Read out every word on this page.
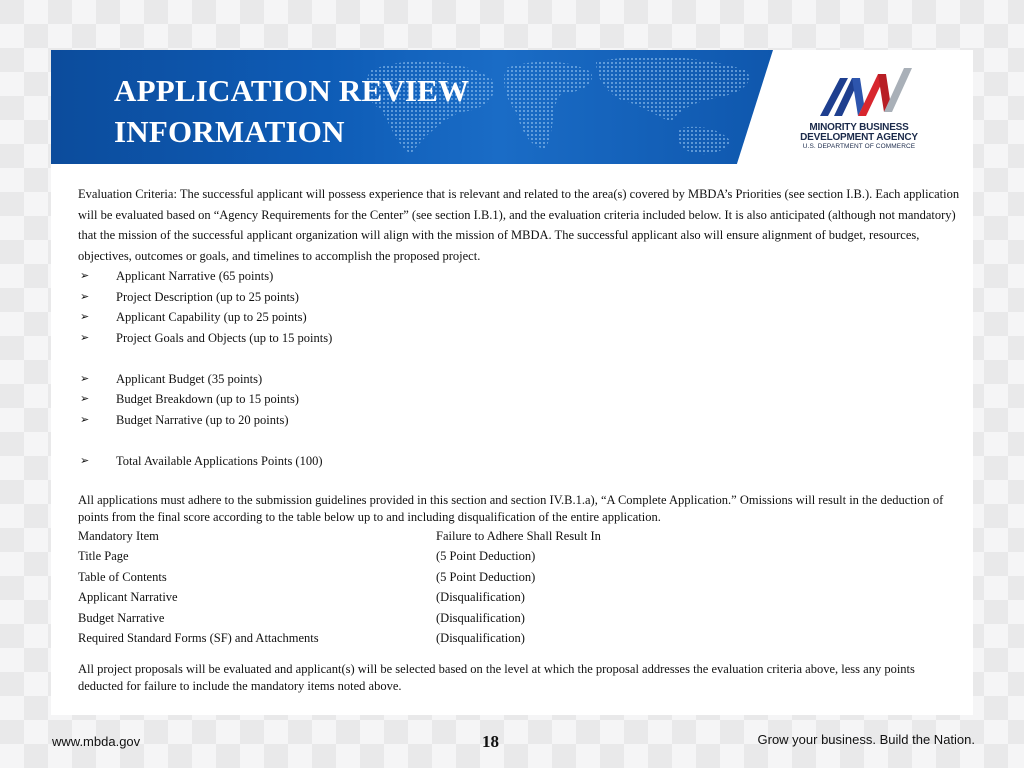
APPLICATION REVIEW
INFORMATION	MINORITY BUSINESS
DEVELOPMENT AGENCY
U.S. DEPARTMENT OF COMMERCE

Evaluation Criteria: The successful applicant will possess experience that is relevant and related to the area(s) covered by MBDA’s Priorities (see section I.B.). Each application will be evaluated based on “Agency Requirements for the Center” (see section I.B.1), and the evaluation criteria included below. It is also anticipated (although not mandatory) that the mission of the successful applicant organization will align with the mission of MBDA. The successful applicant also will ensure alignment of budget, resources, objectives, outcomes or goals, and timelines to accomplish the proposed project.

➢ Applicant Narrative (65 points)
➢ Project Description (up to 25 points)
➢ Applicant Capability (up to 25 points)
➢ Project Goals and Objects (up to 15 points)
➢ Applicant Budget (35 points)
➢ Budget Breakdown (up to 15 points)
➢ Budget Narrative (up to 20 points)
➢ Total Available Applications Points (100)

All applications must adhere to the submission guidelines provided in this section and section IV.B.1.a), “A Complete Application.” Omissions will result in the deduction of points from the final score according to the table below up to and including disqualification of the entire application.

Mandatory Item	Failure to Adhere Shall Result In
Title Page	(5 Point Deduction)
Table of Contents	(5 Point Deduction)
Applicant Narrative	(Disqualification)
Budget Narrative	(Disqualification)
Required Standard Forms (SF) and Attachments	(Disqualification)

All project proposals will be evaluated and applicant(s) will be selected based on the level at which the proposal addresses the evaluation criteria above, less any points deducted for failure to include the mandatory items noted above.

www.mbda.gov	18	Grow your business. Build the Nation.
